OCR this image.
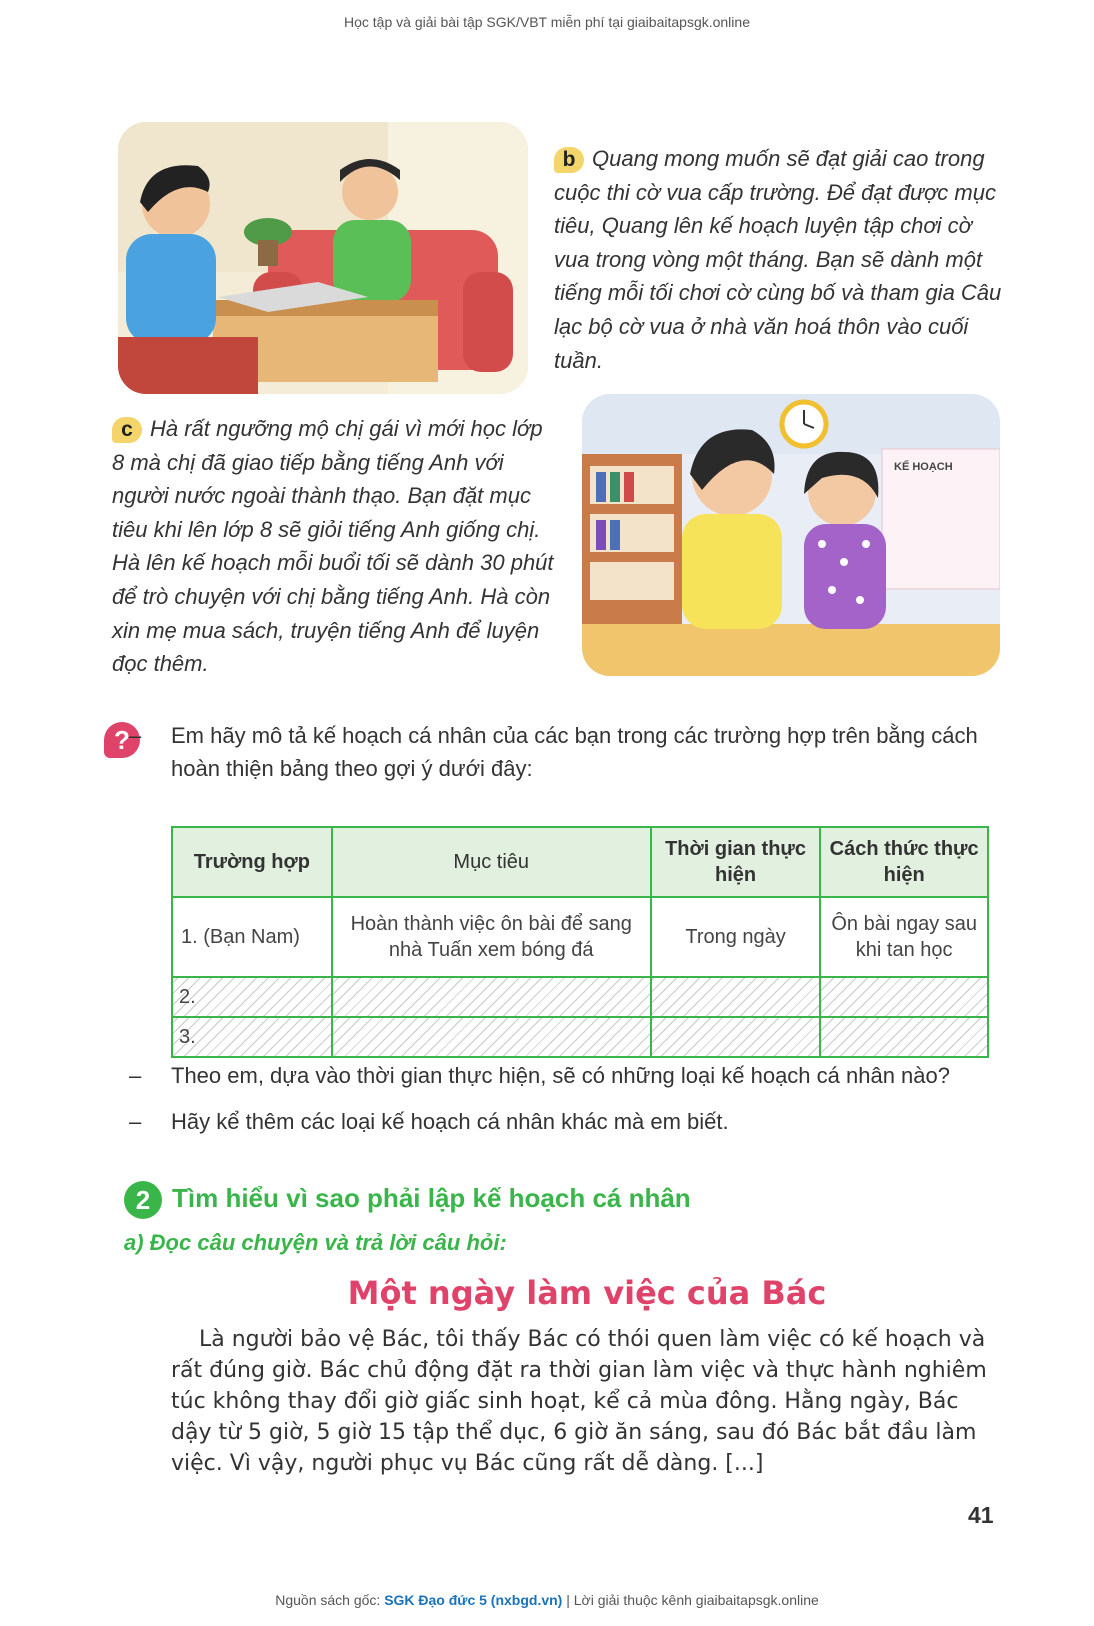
Học tập và giải bài tập SGK/VBT miễn phí tại giaibaitapsgk.online
b Quang mong muốn sẽ đạt giải cao trong cuộc thi cờ vua cấp trường. Để đạt được mục tiêu, Quang lên kế hoạch luyện tập chơi cờ vua trong vòng một tháng. Bạn sẽ dành một tiếng mỗi tối chơi cờ cùng bố và tham gia Câu lạc bộ cờ vua ở nhà văn hoá thôn vào cuối tuần.
c Hà rất ngưỡng mộ chị gái vì mới học lớp 8 mà chị đã giao tiếp bằng tiếng Anh với người nước ngoài thành thạo. Bạn đặt mục tiêu khi lên lớp 8 sẽ giỏi tiếng Anh giống chị. Hà lên kế hoạch mỗi buổi tối sẽ dành 30 phút để trò chuyện với chị bằng tiếng Anh. Hà còn xin mẹ mua sách, truyện tiếng Anh để luyện đọc thêm.
KẾ HOẠCH
? – Em hãy mô tả kế hoạch cá nhân của các bạn trong các trường hợp trên bằng cách hoàn thiện bảng theo gợi ý dưới đây:
Trường hợp	Mục tiêu	Thời gian thực hiện	Cách thức thực hiện
1. (Bạn Nam)	Hoàn thành việc ôn bài để sang nhà Tuấn xem bóng đá	Trong ngày	Ôn bài ngay sau khi tan học
2.			
3.			
– Theo em, dựa vào thời gian thực hiện, sẽ có những loại kế hoạch cá nhân nào?
– Hãy kể thêm các loại kế hoạch cá nhân khác mà em biết.
2 Tìm hiểu vì sao phải lập kế hoạch cá nhân
a) Đọc câu chuyện và trả lời câu hỏi:
Một ngày làm việc của Bác
Là người bảo vệ Bác, tôi thấy Bác có thói quen làm việc có kế hoạch và rất đúng giờ. Bác chủ động đặt ra thời gian làm việc và thực hành nghiêm túc không thay đổi giờ giấc sinh hoạt, kể cả mùa đông. Hằng ngày, Bác dậy từ 5 giờ, 5 giờ 15 tập thể dục, 6 giờ ăn sáng, sau đó Bác bắt đầu làm việc. Vì vậy, người phục vụ Bác cũng rất dễ dàng. [...]
41
Nguồn sách gốc: SGK Đạo đức 5 (nxbgd.vn) | Lời giải thuộc kênh giaibaitapsgk.online
